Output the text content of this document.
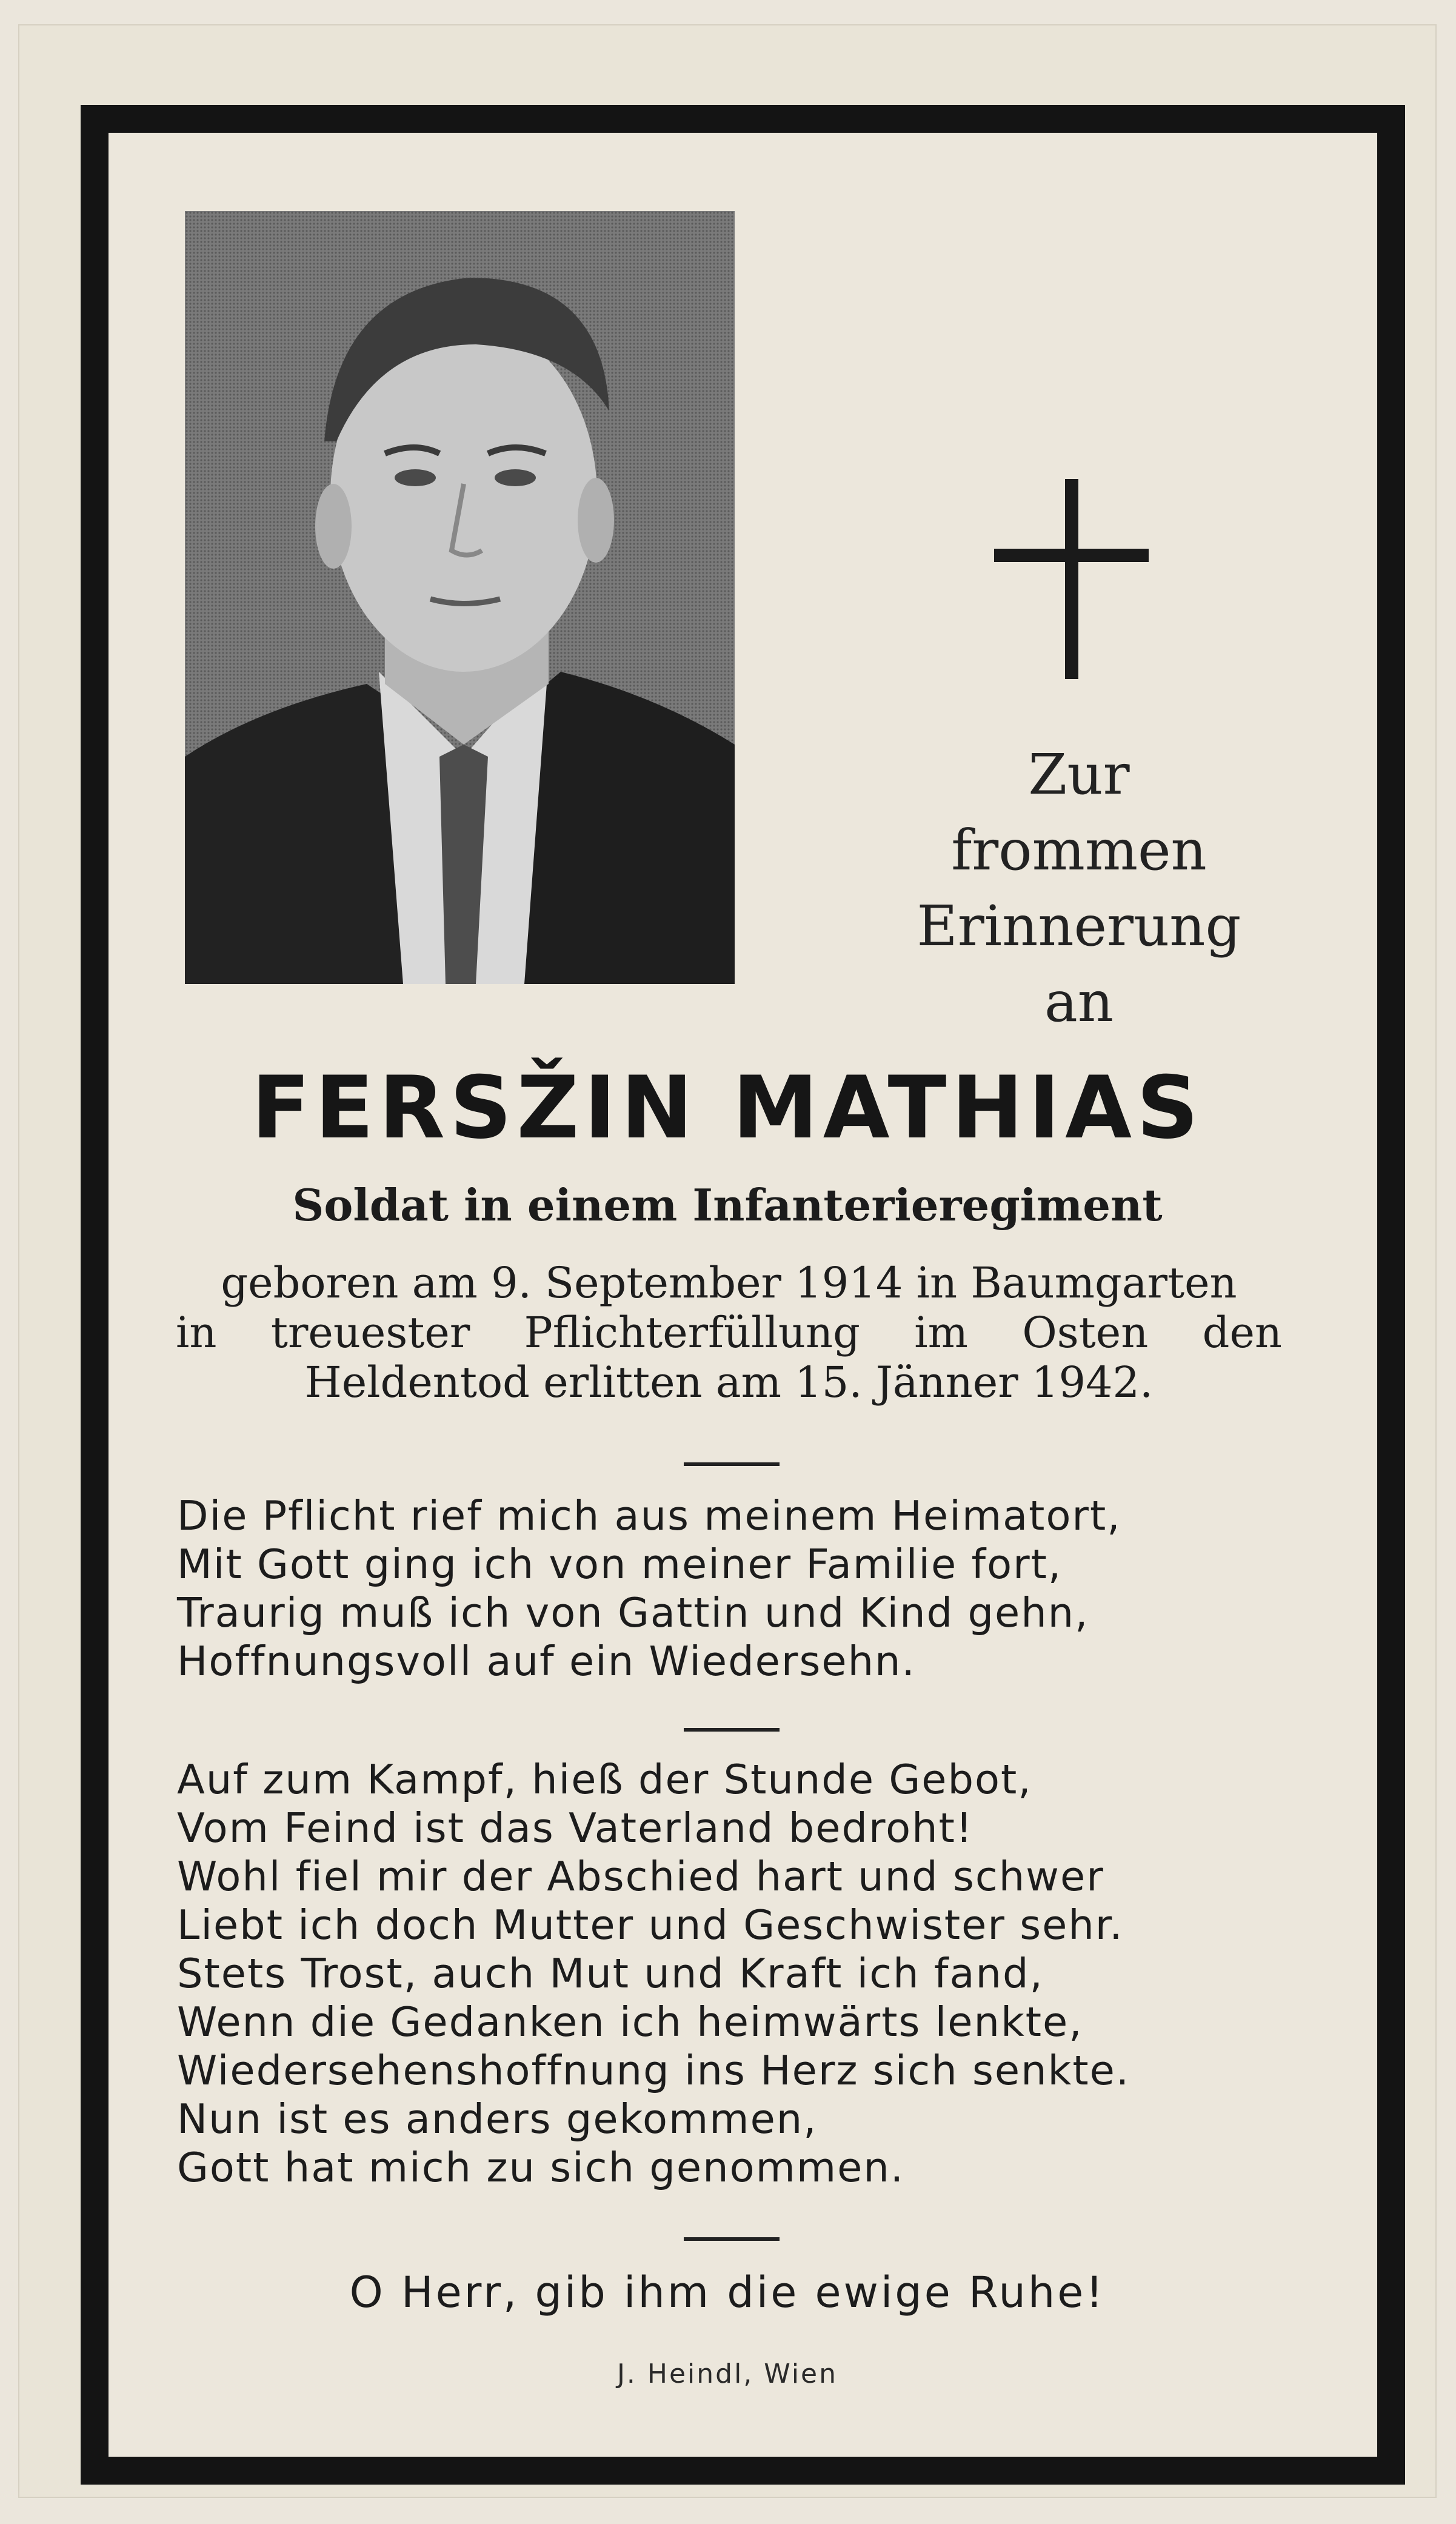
Zur
frommen
Erinnerung
an
FERSŽIN MATHIAS
Soldat in einem Infanterieregiment
geboren am 9. September 1914 in Baumgarten
in treuester Pflichterfüllung im Osten den
Heldentod erlitten am 15. Jänner 1942.
Die Pflicht rief mich aus meinem Heimatort,
Mit Gott ging ich von meiner Familie fort,
Traurig muß ich von Gattin und Kind gehn,
Hoffnungsvoll auf ein Wiedersehn.
Auf zum Kampf, hieß der Stunde Gebot,
Vom Feind ist das Vaterland bedroht!
Wohl fiel mir der Abschied hart und schwer
Liebt ich doch Mutter und Geschwister sehr.
Stets Trost, auch Mut und Kraft ich fand,
Wenn die Gedanken ich heimwärts lenkte,
Wiedersehenshoffnung ins Herz sich senkte.
Nun ist es anders gekommen,
Gott hat mich zu sich genommen.
O Herr, gib ihm die ewige Ruhe!
J. Heindl, Wien
